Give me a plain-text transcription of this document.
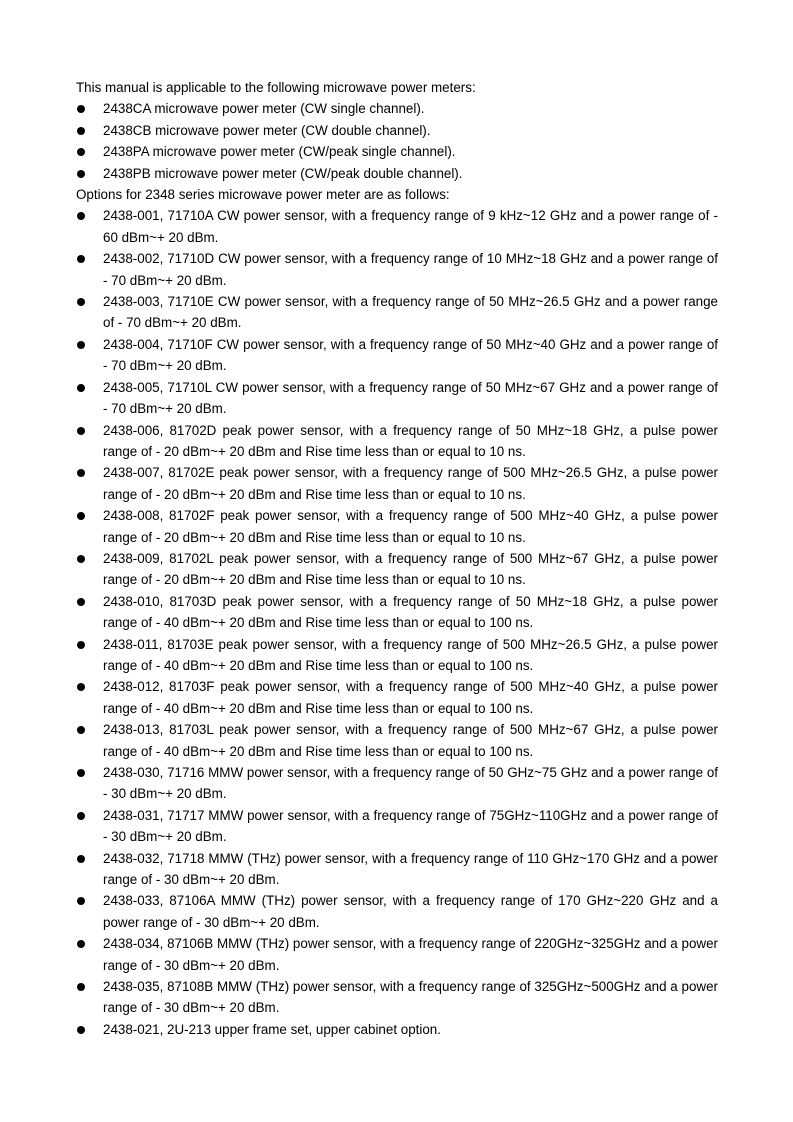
This manual is applicable to the following microwave power meters:

2438CA microwave power meter (CW single channel).
2438CB microwave power meter (CW double channel).
2438PA microwave power meter (CW/peak single channel).
2438PB microwave power meter (CW/peak double channel).

Options for 2348 series microwave power meter are as follows:

2438-001, 71710A CW power sensor, with a frequency range of 9 kHz~12 GHz and a power range of - 60 dBm~+ 20 dBm.
2438-002, 71710D CW power sensor, with a frequency range of 10 MHz~18 GHz and a power range of - 70 dBm~+ 20 dBm.
2438-003, 71710E CW power sensor, with a frequency range of 50 MHz~26.5 GHz and a power range of - 70 dBm~+ 20 dBm.
2438-004, 71710F CW power sensor, with a frequency range of 50 MHz~40 GHz and a power range of - 70 dBm~+ 20 dBm.
2438-005, 71710L CW power sensor, with a frequency range of 50 MHz~67 GHz and a power range of - 70 dBm~+ 20 dBm.
2438-006, 81702D peak power sensor, with a frequency range of 50 MHz~18 GHz, a pulse power range of - 20 dBm~+ 20 dBm and Rise time less than or equal to 10 ns.
2438-007, 81702E peak power sensor, with a frequency range of 500 MHz~26.5 GHz, a pulse power range of - 20 dBm~+ 20 dBm and Rise time less than or equal to 10 ns.
2438-008, 81702F peak power sensor, with a frequency range of 500 MHz~40 GHz, a pulse power range of - 20 dBm~+ 20 dBm and Rise time less than or equal to 10 ns.
2438-009, 81702L peak power sensor, with a frequency range of 500 MHz~67 GHz, a pulse power range of - 20 dBm~+ 20 dBm and Rise time less than or equal to 10 ns.
2438-010, 81703D peak power sensor, with a frequency range of 50 MHz~18 GHz, a pulse power range of - 40 dBm~+ 20 dBm and Rise time less than or equal to 100 ns.
2438-011, 81703E peak power sensor, with a frequency range of 500 MHz~26.5 GHz, a pulse power range of - 40 dBm~+ 20 dBm and Rise time less than or equal to 100 ns.
2438-012, 81703F peak power sensor, with a frequency range of 500 MHz~40 GHz, a pulse power range of - 40 dBm~+ 20 dBm and Rise time less than or equal to 100 ns.
2438-013, 81703L peak power sensor, with a frequency range of 500 MHz~67 GHz, a pulse power range of - 40 dBm~+ 20 dBm and Rise time less than or equal to 100 ns.
2438-030, 71716 MMW power sensor, with a frequency range of 50 GHz~75 GHz and a power range of - 30 dBm~+ 20 dBm.
2438-031, 71717 MMW power sensor, with a frequency range of 75GHz~110GHz and a power range of - 30 dBm~+ 20 dBm.
2438-032, 71718 MMW (THz) power sensor, with a frequency range of 110 GHz~170 GHz and a power range of - 30 dBm~+ 20 dBm.
2438-033, 87106A MMW (THz) power sensor, with a frequency range of 170 GHz~220 GHz and a power range of - 30 dBm~+ 20 dBm.
2438-034, 87106B MMW (THz) power sensor, with a frequency range of 220GHz~325GHz and a power range of - 30 dBm~+ 20 dBm.
2438-035, 87108B MMW (THz) power sensor, with a frequency range of 325GHz~500GHz and a power range of - 30 dBm~+ 20 dBm.
2438-021, 2U-213 upper frame set, upper cabinet option.
